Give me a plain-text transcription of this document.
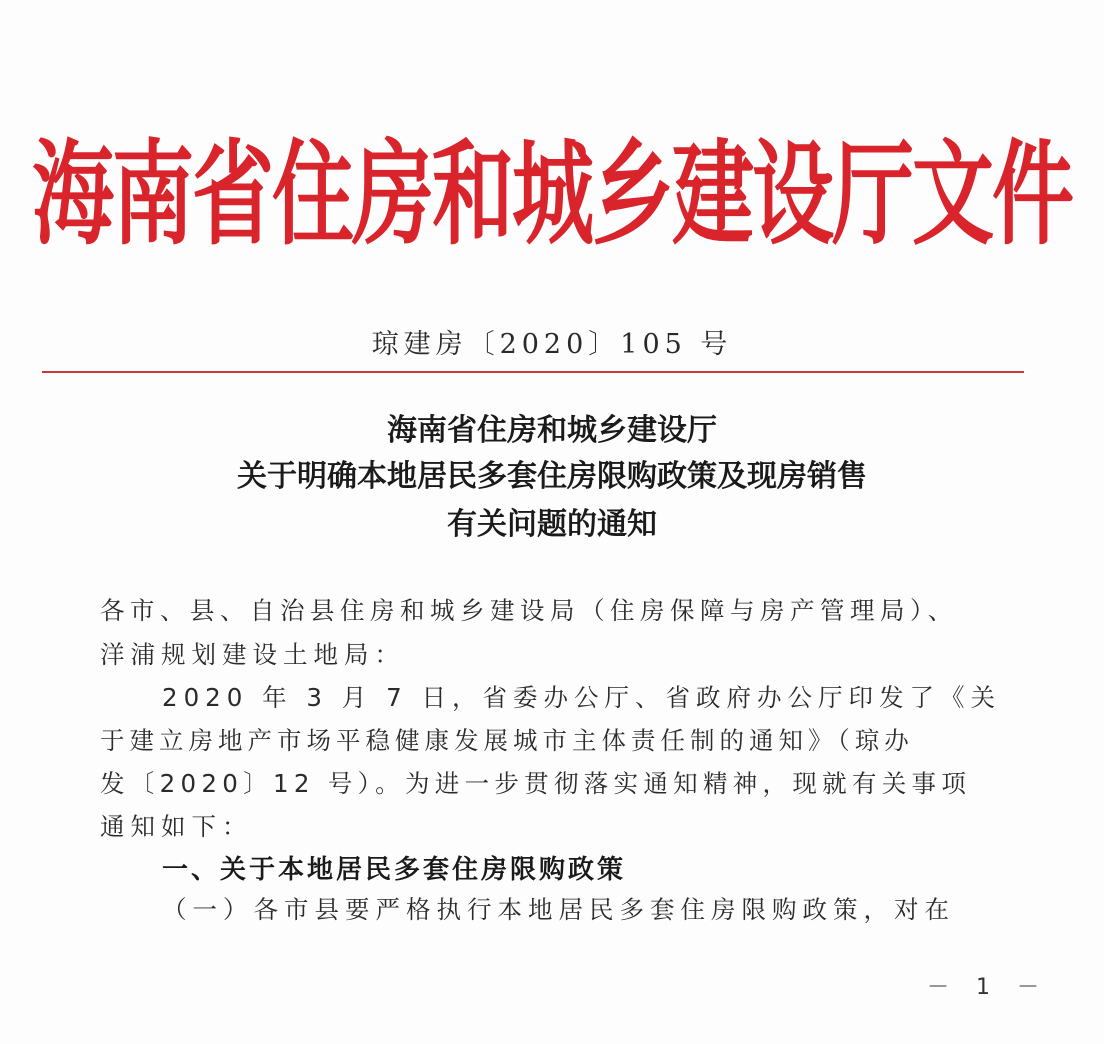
海南省住房和城乡建设厅文件
琼建房〔2020〕105 号
海南省住房和城乡建设厅
关于明确本地居民多套住房限购政策及现房销售
有关问题的通知
各市、县、自治县住房和城乡建设局（住房保障与房产管理局）、
洋浦规划建设土地局：
2020 年 3 月 7 日，省委办公厅、省政府办公厅印发了《关
于建立房地产市场平稳健康发展城市主体责任制的通知》（琼办
发〔2020〕12 号）。为进一步贯彻落实通知精神，现就有关事项
通知如下：
一、关于本地居民多套住房限购政策
（一）各市县要严格执行本地居民多套住房限购政策，对在
－ 1 －
